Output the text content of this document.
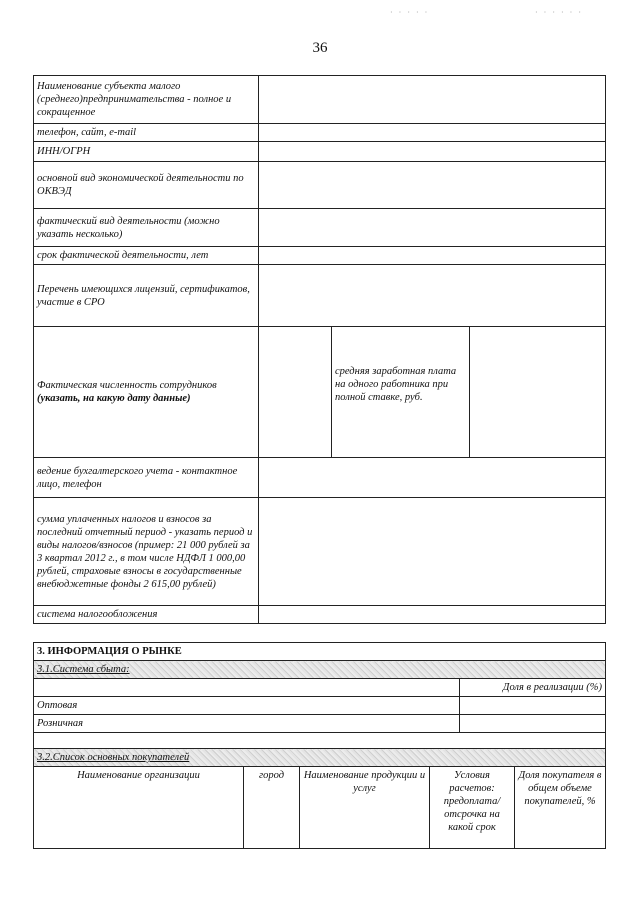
· · · · ·	· · · · · ·
36
Наименование субъекта малого (среднего)предпринимательства - полное и сокращенное			
телефон, сайт, e-mail			
ИНН/ОГРН			
основной вид экономической деятельности по ОКВЭД			
фактический вид деятельности (можно указать несколько)			
срок фактической деятельности, лет			
Перечень имеющихся лицензий, сертификатов, участие в СРО			
Фактическая численность сотрудников (указать, на какую дату данные)		средняя заработная плата на одного работника при полной ставке, руб.	
ведение бухгалтерского учета - контактное лицо, телефон			
сумма уплаченных налогов и взносов за последний отчетный период - указать период и виды налогов/взносов (пример: 21 000 рублей за 3 квартал 2012 г., в том числе НДФЛ 1 000,00 рублей, страховые взносы в государственные внебюджетные фонды 2 615,00 рублей)			
система налогообложения			
3. ИНФОРМАЦИЯ О РЫНКЕ					
3.1.Система сбыта:					
				Доля в реализации (%)	
Оптовая					
Розничная					

3.2.Список основных покупателей					
Наименование организации	город	Наименование продукции и услуг	Условия расчетов: предоплата/ отсрочка на какой срок		Доля покупателя в общем объеме покупателей, %
